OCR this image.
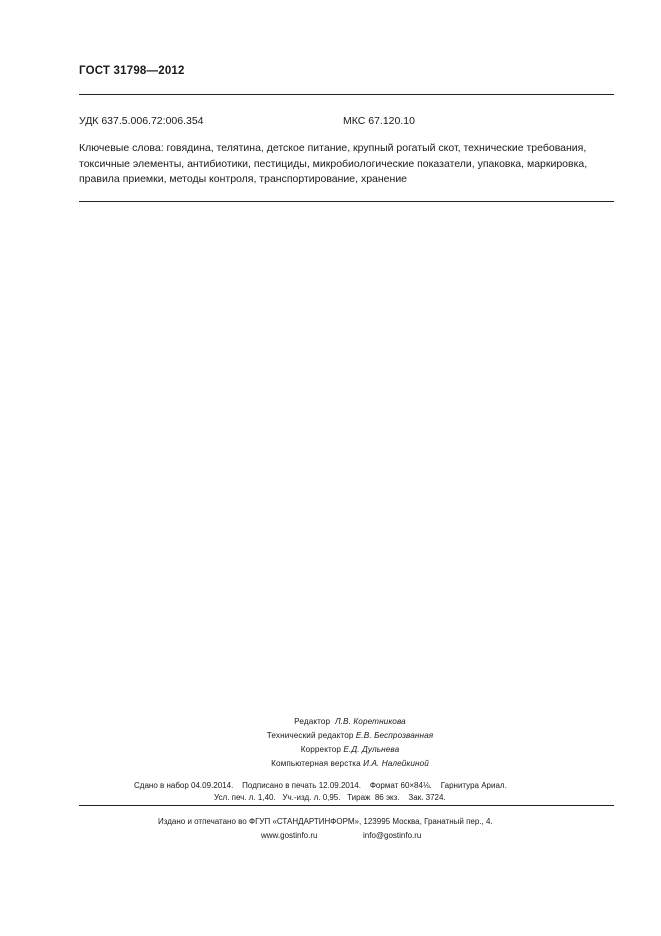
ГОСТ 31798—2012
УДК 637.5.006.72:006.354	МКС 67.120.10
Ключевые слова: говядина, телятина, детское питание, крупный рогатый скот, технические требования,
токсичные элементы, антибиотики, пестициды, микробиологические показатели, упаковка, маркировка,
правила приемки, методы контроля, транспортирование, хранение
Редактор Л.В. Коретникова
Технический редактор Е.В. Беспрозванная
Корректор Е.Д. Дульнева
Компьютерная верстка И.А. Налейкиной
Сдано в набор 04.09.2014.    Подписано в печать 12.09.2014.    Формат 60×84⅛.    Гарнитура Ариал.
Усл. печ. л. 1,40.   Уч.-изд. л. 0,95.   Тираж  86 экз.    Зак. 3724.
Издано и отпечатано во ФГУП «СТАНДАРТИНФОРМ», 123995 Москва, Гранатный пер., 4.
www.gostinfo.ru	info@gostinfo.ru
